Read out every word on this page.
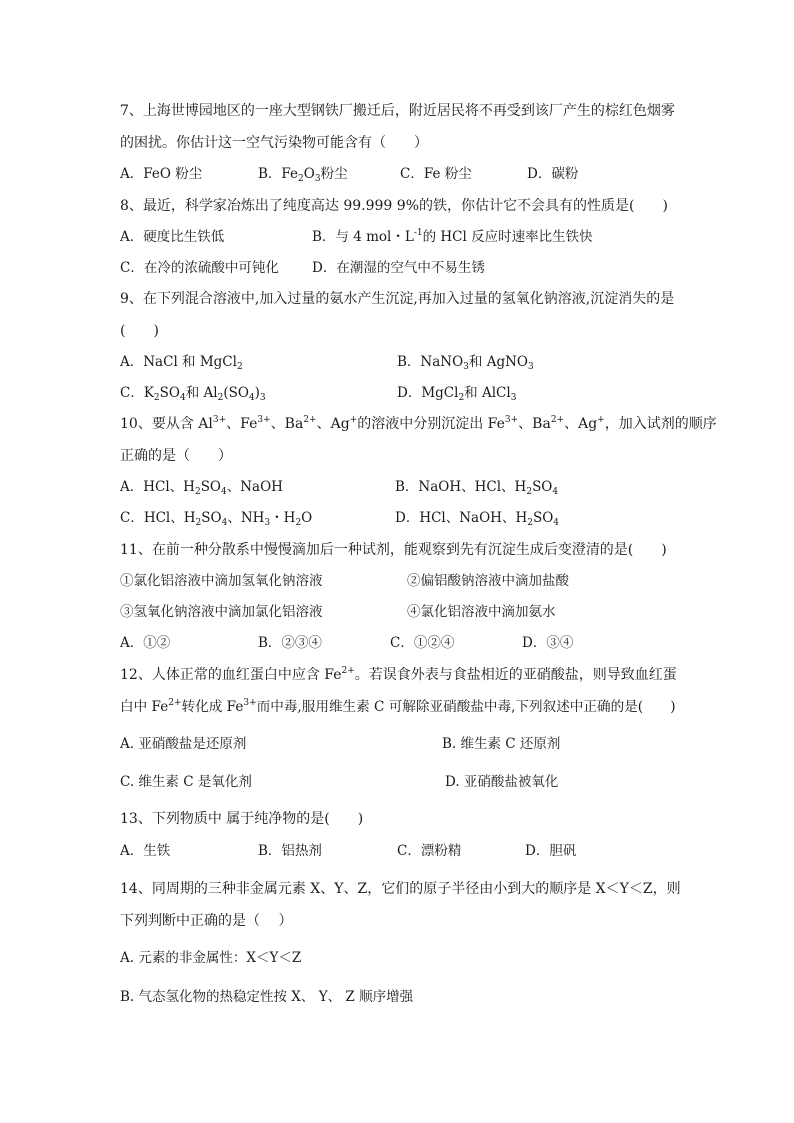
7、上海世博园地区的一座大型钢铁厂搬迁后，附近居民将不再受到该厂产生的棕红色烟雾
的困扰。你估计这一空气污染物可能含有（　　）
A．FeO 粉尘	B．$Fe_2O_3$粉尘	C．Fe 粉尘	D．碳粉
8、最近，科学家冶炼出了纯度高达 99.999 9%的铁，你估计它不会具有的性质是(　　)
A．硬度比生铁低	B．与 4 mol・$L^{-1}$的 HCl 反应时速率比生铁快
C．在冷的浓硫酸中可钝化 D．在潮湿的空气中不易生锈
9、在下列混合溶液中,加入过量的氨水产生沉淀,再加入过量的氢氧化钠溶液,沉淀消失的是
(　　)
A．NaCl 和 MgCl$_2$	B．NaNO$_3$和 AgNO$_3$
C．$K_2SO_4$和 $Al_2(SO_4)_3$	D．MgCl$_2$和 AlCl$_3$
10、要从含 $Al^{3+}$、$Fe^{3+}$、$Ba^{2+}$、Ag+的溶液中分别沉淀出 $Fe^{3+}$、$Ba^{2+}$、Ag+，加入试剂的顺序
正确的是（　　）
A．HCl、$H_2SO_4$、NaOH	B．NaOH、HCl、$H_2SO_4$
C．HCl、$H_2SO_4$、$NH_3$・$H_2O$	D．HCl、NaOH、$H_2SO_4$
11、在前一种分散系中慢慢滴加后一种试剂，能观察到先有沉淀生成后变澄清的是(　　)
①氯化铝溶液中滴加氢氧化钠溶液	②偏铝酸钠溶液中滴加盐酸
③氢氧化钠溶液中滴加氯化铝溶液	④氯化铝溶液中滴加氨水
A．①②	B．②③④	C．①②④	D．③④
12、人体正常的血红蛋白中应含 $Fe^{2+}$。若误食外表与食盐相近的亚硝酸盐，则导致血红蛋
白中 $Fe^{2+}$转化成 $Fe^{3+}$而中毒,服用维生素 C 可解除亚硝酸盐中毒,下列叙述中正确的是(　　)
A. 亚硝酸盐是还原剂	B. 维生素 C 还原剂
C. 维生素 C 是氧化剂	D. 亚硝酸盐被氧化
13、下列物质中 属于纯净物的是(　　)
A．生铁	B．铝热剂	C．漂粉精	D．胆矾
14、同周期的三种非金属元素 X、Y、Z，它们的原子半径由小到大的顺序是 X＜Y＜Z，则
下列判断中正确的是（　 ）
A. 元素的非金属性：X＜Y＜Z
B. 气态氢化物的热稳定性按 X、 Y、 Z 顺序增强
